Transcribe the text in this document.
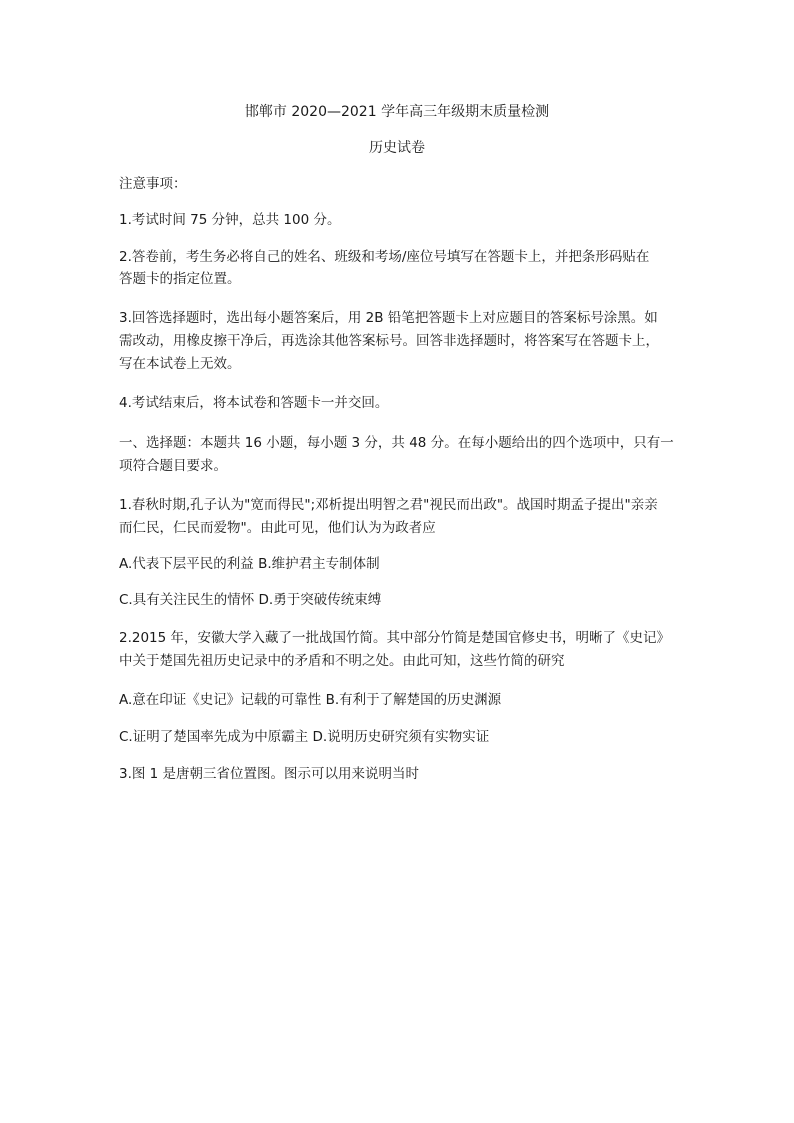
邯郸市 2020—2021 学年高三年级期末质量检测
历史试卷
注意事项：
1.考试时间 75 分钟，总共 100 分。
2.答卷前，考生务必将自己的姓名、班级和考场/座位号填写在答题卡上，并把条形码贴在
答题卡的指定位置。
3.回答选择题时，选出每小题答案后，用 2B 铅笔把答题卡上对应题目的答案标号涂黑。如
需改动，用橡皮擦干净后，再选涂其他答案标号。回答非选择题时，将答案写在答题卡上，
写在本试卷上无效。
4.考试结束后，将本试卷和答题卡一并交回。
一、选择题：本题共 16 小题，每小题 3 分，共 48 分。在每小题给出的四个选项中，只有一
项符合题目要求。
1.春秋时期,孔子认为"宽而得民";邓析提出明智之君"视民而出政"。战国时期孟子提出"亲亲
而仁民，仁民而爱物"。由此可见，他们认为为政者应
A.代表下层平民的利益 B.维护君主专制体制
C.具有关注民生的情怀 D.勇于突破传统束缚
2.2015 年，安徽大学入藏了一批战国竹简。其中部分竹简是楚国官修史书，明晰了《史记》
中关于楚国先祖历史记录中的矛盾和不明之处。由此可知，这些竹简的研究
A.意在印证《史记》记载的可靠性 B.有利于了解楚国的历史渊源
C.证明了楚国率先成为中原霸主 D.说明历史研究须有实物实证
3.图 1 是唐朝三省位置图。图示可以用来说明当时
